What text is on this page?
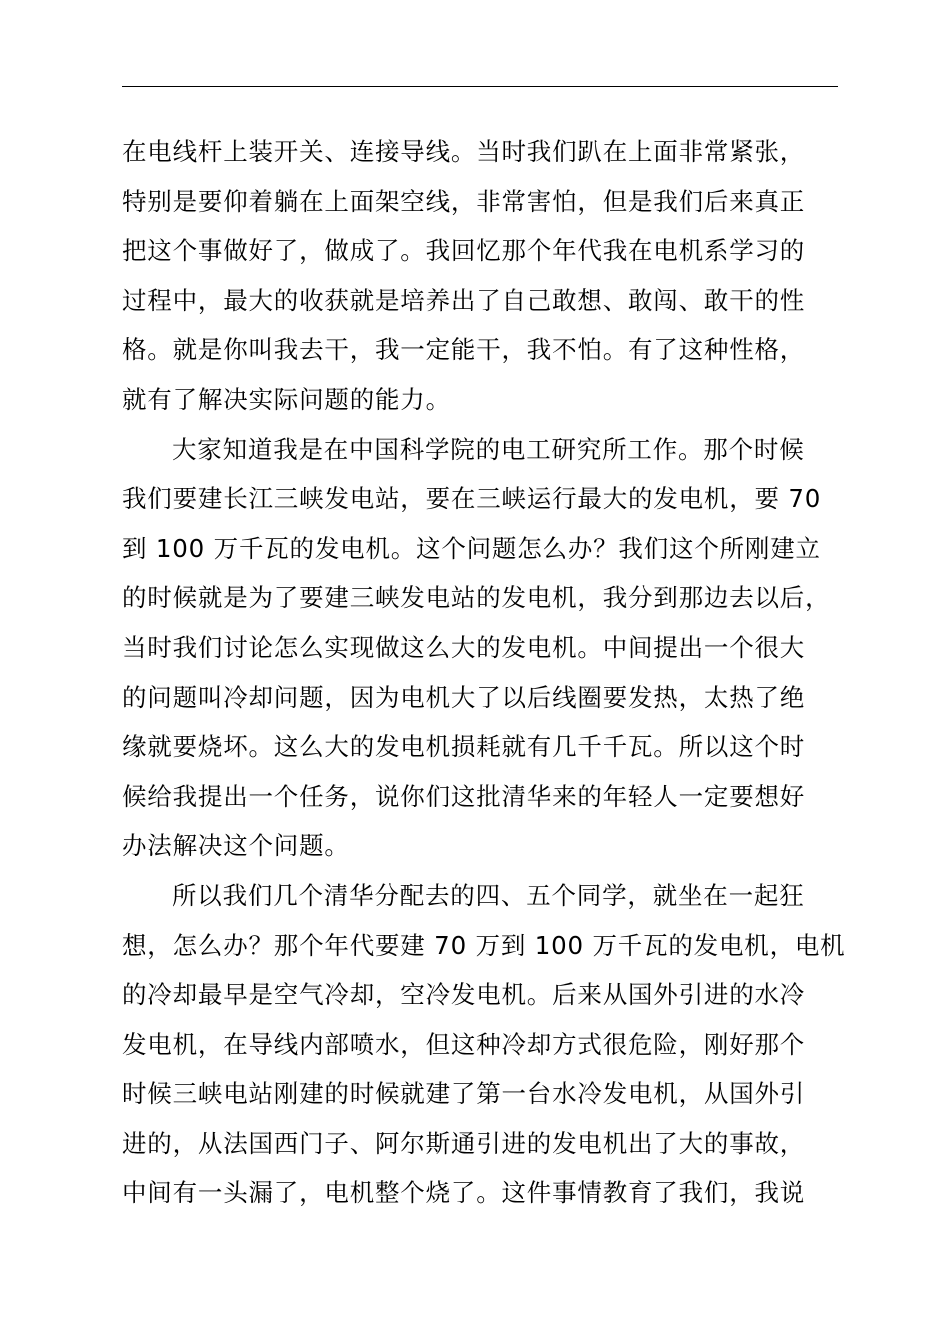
在电线杆上装开关、连接导线。当时我们趴在上面非常紧张，
特别是要仰着躺在上面架空线，非常害怕，但是我们后来真正
把这个事做好了，做成了。我回忆那个年代我在电机系学习的
过程中，最大的收获就是培养出了自己敢想、敢闯、敢干的性
格。就是你叫我去干，我一定能干，我不怕。有了这种性格，
就有了解决实际问题的能力。
大家知道我是在中国科学院的电工研究所工作。那个时候
我们要建长江三峡发电站，要在三峡运行最大的发电机，要 70
到 100 万千瓦的发电机。这个问题怎么办？我们这个所刚建立
的时候就是为了要建三峡发电站的发电机，我分到那边去以后，
当时我们讨论怎么实现做这么大的发电机。中间提出一个很大
的问题叫冷却问题，因为电机大了以后线圈要发热，太热了绝
缘就要烧坏。这么大的发电机损耗就有几千千瓦。所以这个时
候给我提出一个任务，说你们这批清华来的年轻人一定要想好
办法解决这个问题。
所以我们几个清华分配去的四、五个同学，就坐在一起狂
想，怎么办？那个年代要建 70 万到 100 万千瓦的发电机，电机
的冷却最早是空气冷却，空冷发电机。后来从国外引进的水冷
发电机，在导线内部喷水，但这种冷却方式很危险，刚好那个
时候三峡电站刚建的时候就建了第一台水冷发电机，从国外引
进的，从法国西门子、阿尔斯通引进的发电机出了大的事故，
中间有一头漏了，电机整个烧了。这件事情教育了我们，我说
